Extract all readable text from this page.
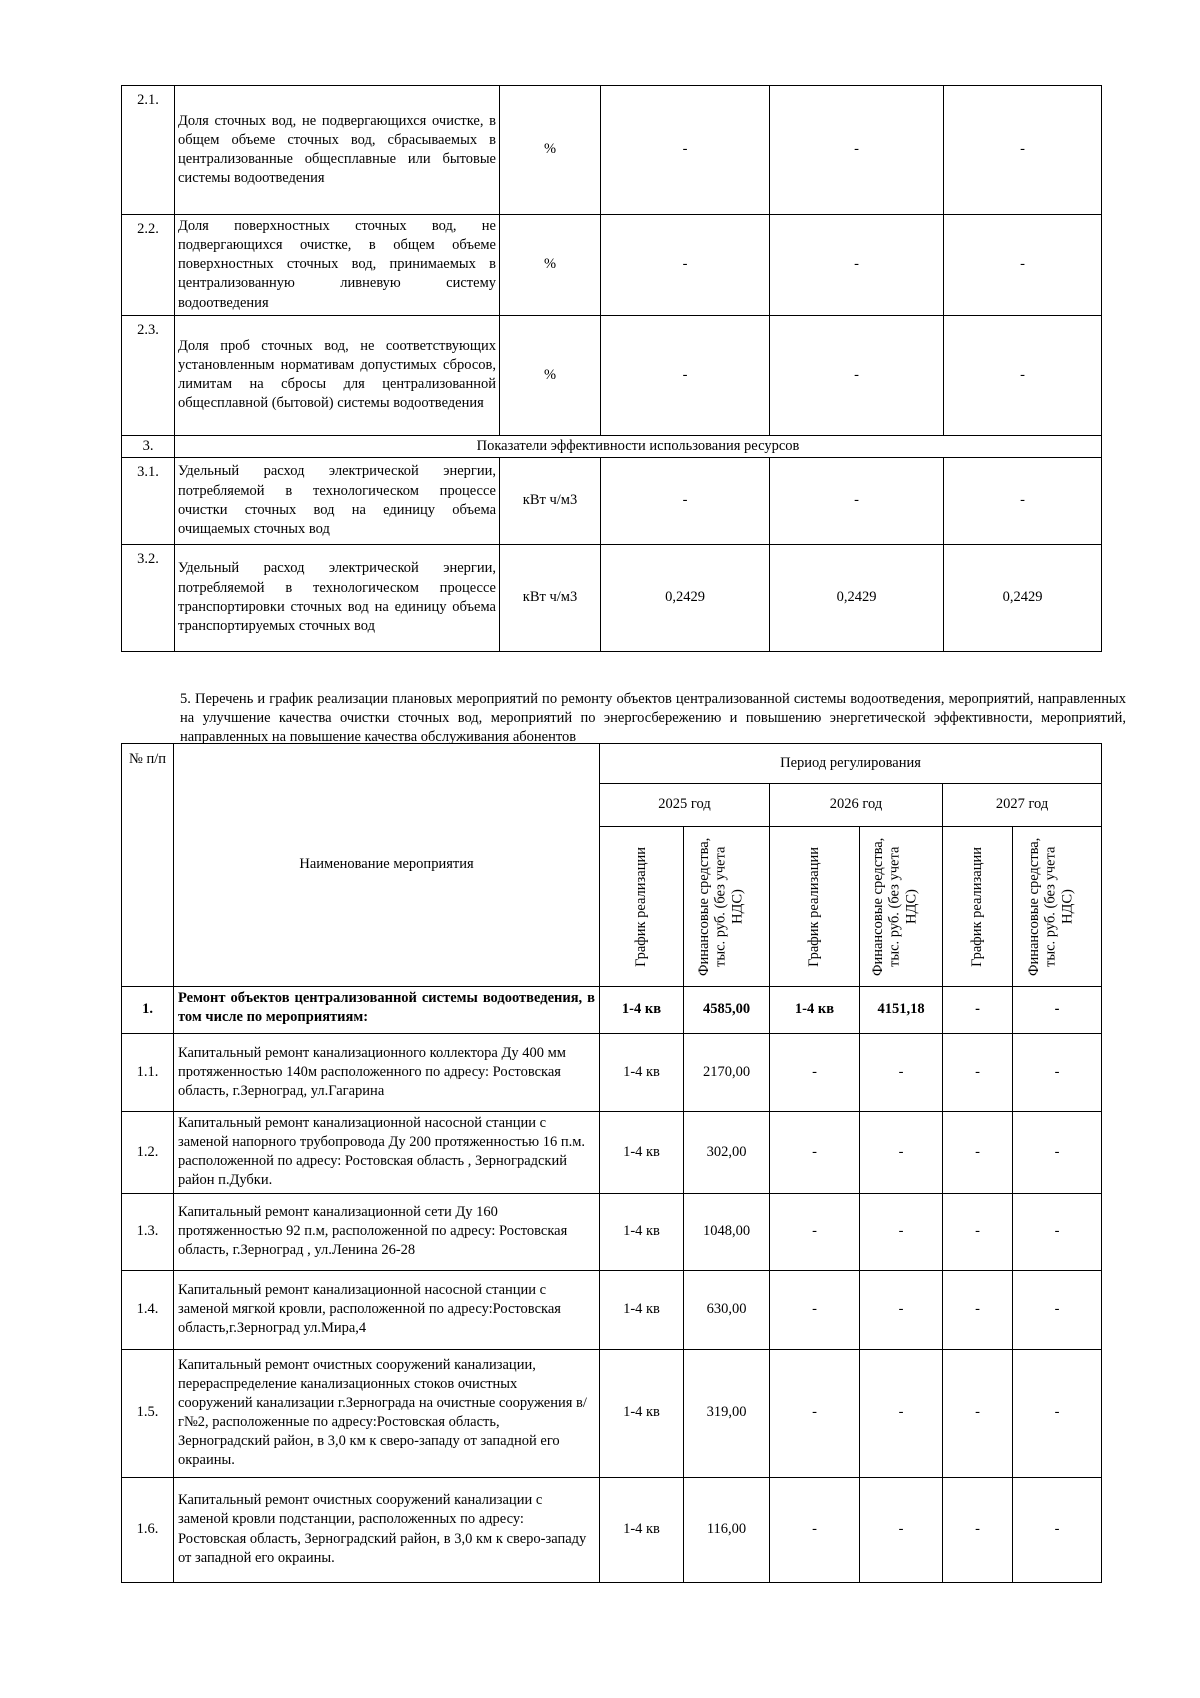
2.1.	Доля сточных вод, не подвергающихся очистке, в общем объеме сточных вод, сбрасываемых в централизованные общесплавные или бытовые системы водоотведения	%	-	-	-
2.2.	Доля поверхностных сточных вод, не подвергающихся очистке, в общем объеме поверхностных сточных вод, принимаемых в централизованную ливневую систему водоотведения	%	-	-	-
2.3.	Доля проб сточных вод, не соответствующих установленным нормативам допустимых сбросов, лимитам на сбросы для централизованной общесплавной (бытовой) системы водоотведения	%	-	-	-
3.	Показатели эффективности использования ресурсов				
3.1.	Удельный расход электрической энергии, потребляемой в технологическом процессе очистки сточных вод на единицу объема очищаемых сточных вод	кВт ч/м3	-	-	-
3.2.	Удельный расход электрической энергии, потребляемой в технологическом процессе транспортировки сточных вод на единицу объема транспортируемых сточных вод	кВт ч/м3	0,2429	0,2429	0,2429
5. Перечень и график реализации плановых мероприятий по ремонту объектов централизованной системы водоотведения, мероприятий, направленных на улучшение качества очистки сточных вод, мероприятий по энергосбережению и повышению энергетической эффективности, мероприятий, направленных на повышение качества обслуживания абонентов
№ п/п	Наименование мероприятия	Период регулирования					
		2025 год		2026 год		2027 год	

		График реализации	Финансовые средства, тыс. руб. (без учета НДС)	График реализации	Финансовые средства, тыс. руб. (без учета НДС)	График реализации	Финансовые средства, тыс. руб. (без учета НДС)

1.	Ремонт объектов централизованной системы водоотведения, в том числе по мероприятиям:	1-4 кв	4585,00	1-4 кв	4151,18	-	-
1.1.	Капитальный ремонт канализационного коллектора Ду 400 мм протяженностью 140м расположенного по адресу: Ростовская область, г.Зерноград, ул.Гагарина	1-4 кв	2170,00	-	-	-	-
1.2.	Капитальный ремонт канализационной насосной станции с заменой напорного трубопровода Ду 200 протяженностью 16 п.м. расположенной по адресу: Ростовская область , Зерноградский район п.Дубки.	1-4 кв	302,00	-	-	-	-
1.3.	Капитальный ремонт канализационной сети Ду 160 протяженностью 92 п.м, расположенной по адресу: Ростовская область, г.Зерноград , ул.Ленина 26-28	1-4 кв	1048,00	-	-	-	-
1.4.	Капитальный ремонт канализационной насосной станции с заменой мягкой кровли, расположенной по адресу:Ростовская область,г.Зерноград ул.Мира,4	1-4 кв	630,00	-	-	-	-
1.5.	Капитальный ремонт очистных сооружений канализации, перераспределение канализационных стоков очистных сооружений канализации г.Зернограда на очистные сооружения в/г№2, расположенные по адресу:Ростовская область, Зерноградский район, в 3,0 км к сверо-западу от западной его окраины.	1-4 кв	319,00	-	-	-	-
1.6.	Капитальный ремонт очистных сооружений канализации с заменой кровли подстанции, расположенных по адресу: Ростовская область, Зерноградский район, в 3,0 км к сверо-западу от западной его окраины.	1-4 кв	116,00	-	-	-	-
